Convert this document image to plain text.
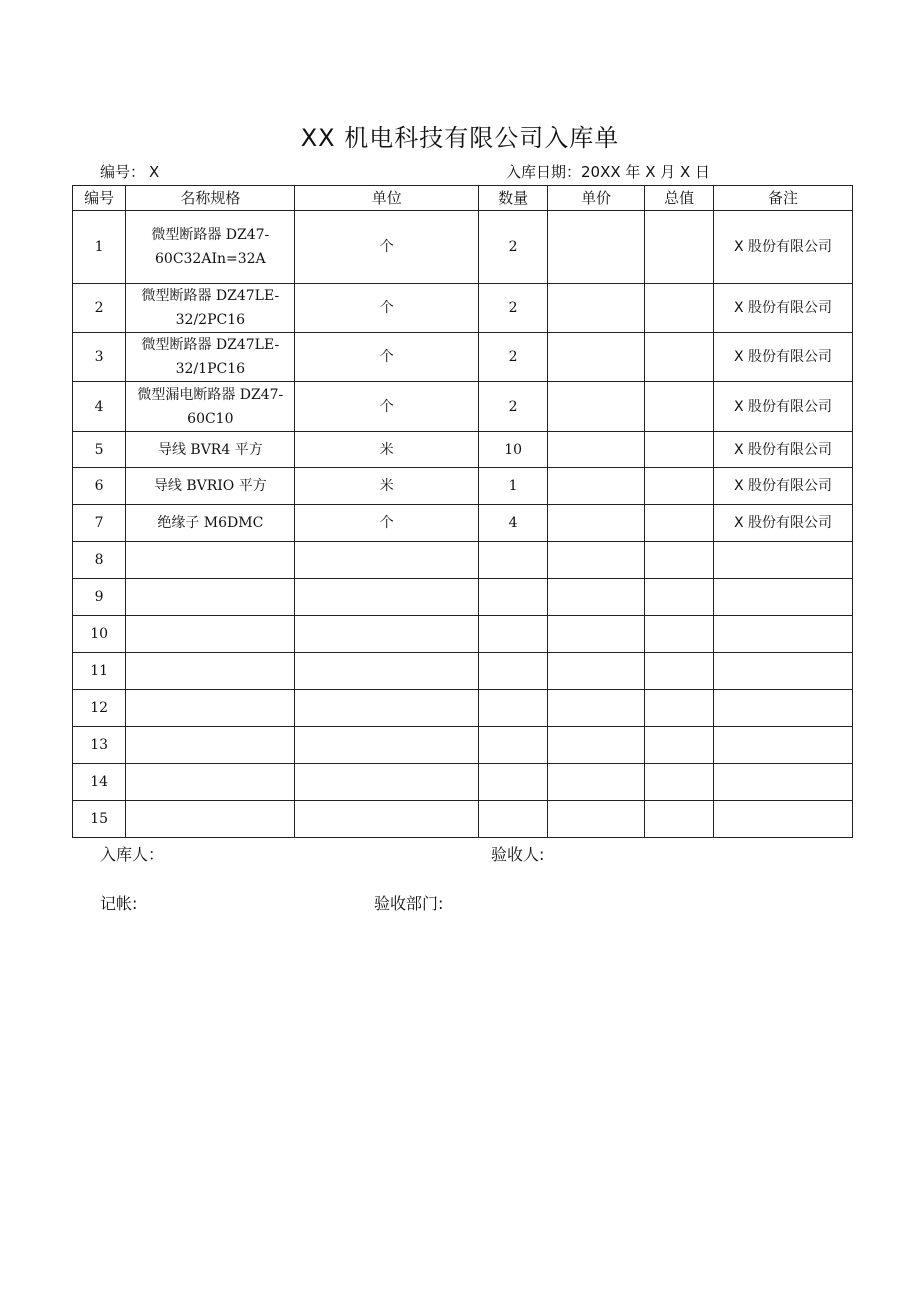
XX 机电科技有限公司入库单
编号： X	入库日期：20XX 年 X 月 X 日
编号	名称规格	单位	数量	单价	总值	备注
1	微型断路器 DZ47-60C32AIn=32A	个	2			X 股份有限公司
2	微型断路器 DZ47LE-32/2PC16	个	2			X 股份有限公司
3	微型断路器 DZ47LE-32/1PC16	个	2			X 股份有限公司
4	微型漏电断路器 DZ47-60C10	个	2			X 股份有限公司
5	导线 BVR4 平方	米	10			X 股份有限公司
6	导线 BVRIO 平方	米	1			X 股份有限公司
7	绝缘子 M6DMC	个	4			X 股份有限公司
8						
9						
10						
11						
12						
13						
14						
15						
入库人：	验收人:
记帐:	验收部门:
